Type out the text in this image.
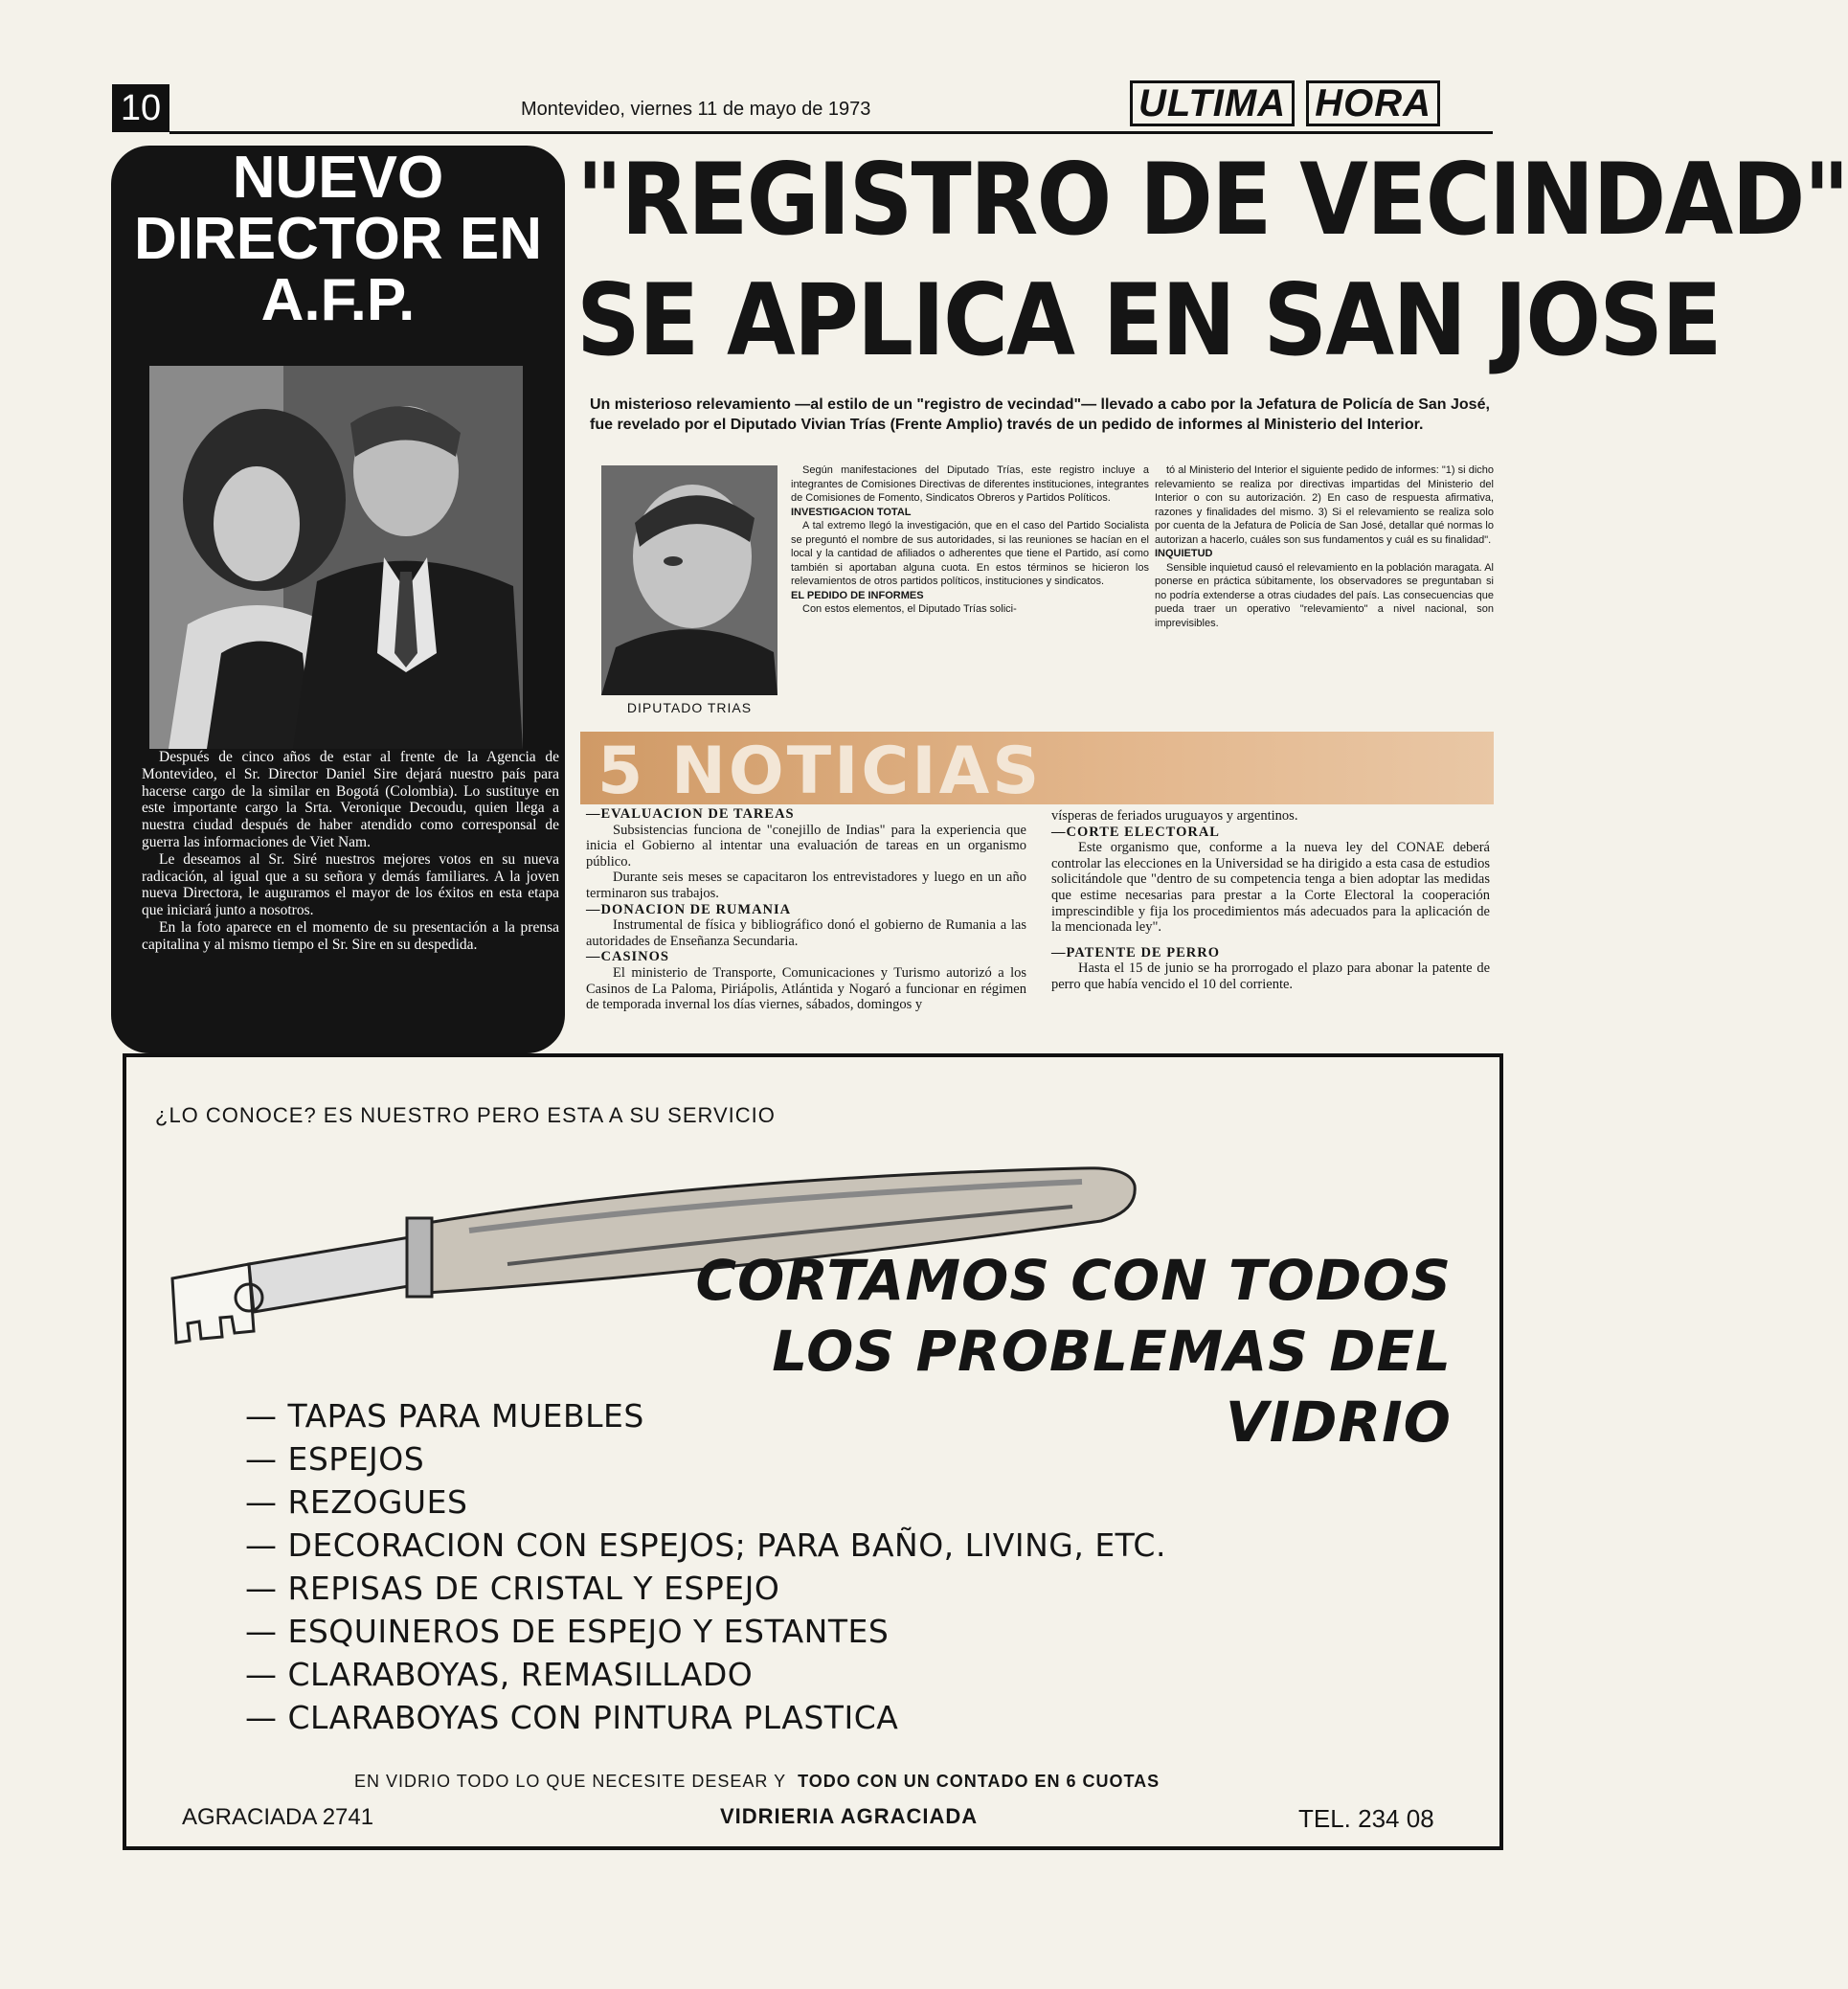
10	Montevideo, viernes 11 de mayo de 1973	ULTIMA HORA
NUEVO DIRECTOR EN A.F.P.

Después de cinco años de estar al frente de la Agencia de Montevideo, el Sr. Director Daniel Sire dejará nuestro país para hacerse cargo de la similar en Bogotá (Colombia). Lo sustituye en este importante cargo la Srta. Veronique Decoudu, quien llega a nuestra ciudad después de haber atendido como corresponsal de guerra las informaciones de Viet Nam.

Le deseamos al Sr. Siré nuestros mejores votos en su nueva radicación, al igual que a su señora y demás familiares. A la joven nueva Directora, le auguramos el mayor de los éxitos en esta etapa que iniciará junto a nosotros.

En la foto aparece en el momento de su presentación a la prensa capitalina y al mismo tiempo el Sr. Sire en su despedida.

"REGISTRO DE VECINDAD"
SE APLICA EN SAN JOSE
Un misterioso relevamiento —al estilo de un "registro de vecindad"— llevado a cabo por la Jefatura de Policía de San José, fue revelado por el Diputado Vivian Trías (Frente Amplio) través de un pedido de informes al Ministerio del Interior.
DIPUTADO TRIAS

Según manifestaciones del Diputado Trías, este registro incluye a integrantes de Comisiones Directivas de diferentes instituciones, integrantes de Comisiones de Fomento, Sindicatos Obreros y Partidos Políticos.

INVESTIGACION TOTAL

A tal extremo llegó la investigación, que en el caso del Partido Socialista se preguntó el nombre de sus autoridades, si las reuniones se hacían en el local y la cantidad de afiliados o adherentes que tiene el Partido, así como también si aportaban alguna cuota. En estos términos se hicieron los relevamientos de otros partidos políticos, instituciones y sindicatos.

EL PEDIDO DE INFORMES

Con estos elementos, el Diputado Trías solici-

tó al Ministerio del Interior el siguiente pedido de informes: "1) si dicho relevamiento se realiza por directivas impartidas del Ministerio del Interior o con su autorización. 2) En caso de respuesta afirmativa, razones y finalidades del mismo. 3) Si el relevamiento se realiza solo por cuenta de la Jefatura de Policía de San José, detallar qué normas lo autorizan a hacerlo, cuáles son sus fundamentos y cuál es su finalidad".

INQUIETUD

Sensible inquietud causó el relevamiento en la población maragata. Al ponerse en práctica súbitamente, los observadores se preguntaban si no podría extenderse a otras ciudades del país. Las consecuencias que pueda traer un operativo "relevamiento" a nivel nacional, son imprevisibles.

5 NOTICIAS

—EVALUACION DE TAREAS

Subsistencias funciona de "conejillo de Indias" para la experiencia que inicia el Gobierno al intentar una evaluación de tareas en un organismo público.

Durante seis meses se capacitaron los entrevistadores y luego en un año terminaron sus trabajos.

—DONACION DE RUMANIA

Instrumental de física y bibliográfico donó el gobierno de Rumania a las autoridades de Enseñanza Secundaria.

—CASINOS

El ministerio de Transporte, Comunicaciones y Turismo autorizó a los Casinos de La Paloma, Piriápolis, Atlántida y Nogaró a funcionar en régimen de temporada invernal los días viernes, sábados, domingos y

vísperas de feriados uruguayos y argentinos.

—CORTE ELECTORAL

Este organismo que, conforme a la nueva ley del CONAE deberá controlar las elecciones en la Universidad se ha dirigido a esta casa de estudios solicitándole que "dentro de su competencia tenga a bien adoptar las medidas que estime necesarias para prestar a la Corte Electoral la cooperación imprescindible y fija los procedimientos más adecuados para la aplicación de la mencionada ley".

—PATENTE DE PERRO

Hasta el 15 de junio se ha prorrogado el plazo para abonar la patente de perro que había vencido el 10 del corriente.

¿LO CONOCE? ES NUESTRO PERO ESTA A SU SERVICIO
CORTAMOS CON TODOS
LOS PROBLEMAS DEL VIDRIO
— TAPAS PARA MUEBLES
— ESPEJOS
— REZOGUES
— DECORACION CON ESPEJOS; PARA BAÑO, LIVING, ETC.
— REPISAS DE CRISTAL Y ESPEJO
— ESQUINEROS DE ESPEJO Y ESTANTES
— CLARABOYAS, REMASILLADO
— CLARABOYAS CON PINTURA PLASTICA
EN VIDRIO TODO LO QUE NECESITE DESEAR Y TODO CON UN CONTADO EN 6 CUOTAS
AGRACIADA 2741	VIDRIERIA AGRACIADA	TEL. 234 08
